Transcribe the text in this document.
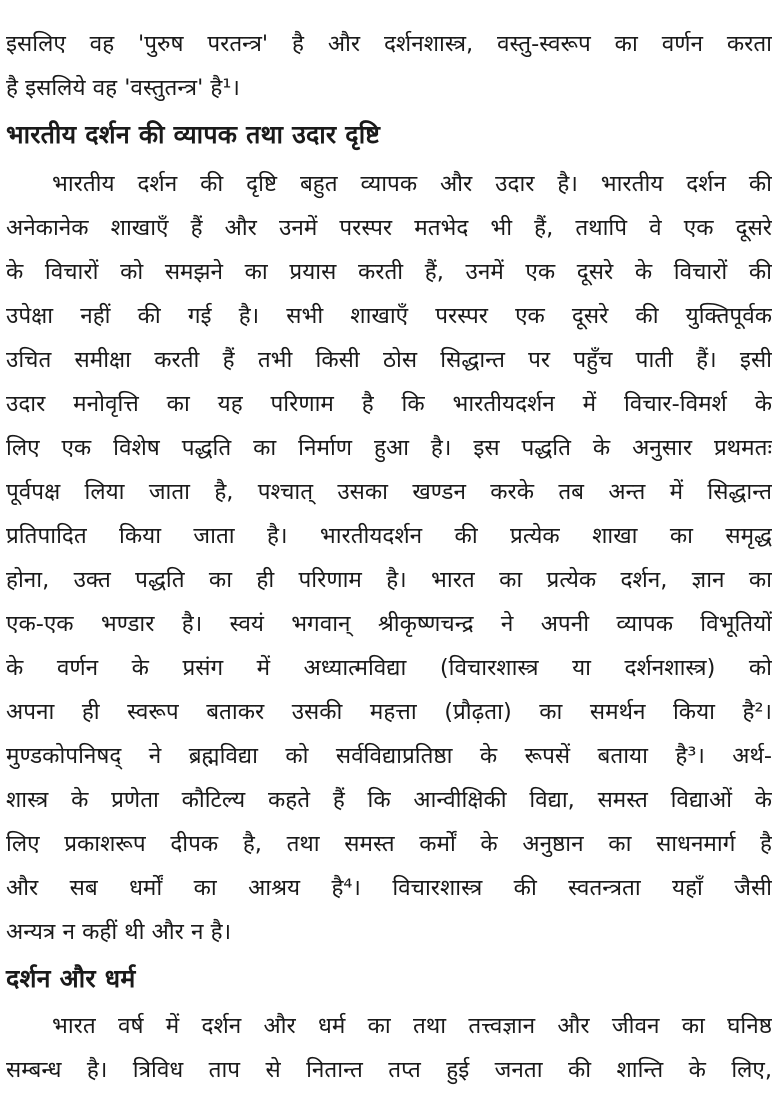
इसलिए वह 'पुरुष परतन्त्र' है और दर्शनशास्त्र, वस्तु-स्वरूप का वर्णन करता
है इसलिये वह 'वस्तुतन्त्र' है¹।
भारतीय दर्शन की व्यापक तथा उदार दृष्टि
भारतीय दर्शन की दृष्टि बहुत व्यापक और उदार है। भारतीय दर्शन की
अनेकानेक शाखाएँ हैं और उनमें परस्पर मतभेद भी हैं, तथापि वे एक दूसरे
के विचारों को समझने का प्रयास करती हैं, उनमें एक दूसरे के विचारों की
उपेक्षा नहीं की गई है। सभी शाखाएँ परस्पर एक दूसरे की युक्तिपूर्वक
उचित समीक्षा करती हैं तभी किसी ठोस सिद्धान्त पर पहुँच पाती हैं। इसी
उदार मनोवृत्ति का यह परिणाम है कि भारतीयदर्शन में विचार-विमर्श के
लिए एक विशेष पद्धति का निर्माण हुआ है। इस पद्धति के अनुसार प्रथमतः
पूर्वपक्ष लिया जाता है, पश्चात् उसका खण्डन करके तब अन्त में सिद्धान्त
प्रतिपादित किया जाता है। भारतीयदर्शन की प्रत्येक शाखा का समृद्ध
होना, उक्त पद्धति का ही परिणाम है। भारत का प्रत्येक दर्शन, ज्ञान का
एक-एक भण्डार है। स्वयं भगवान् श्रीकृष्णचन्द्र ने अपनी व्यापक विभूतियों
के वर्णन के प्रसंग में अध्यात्मविद्या (विचारशास्त्र या दर्शनशास्त्र) को
अपना ही स्वरूप बताकर उसकी महत्ता (प्रौढ़ता) का समर्थन किया है²।
मुण्डकोपनिषद् ने ब्रह्मविद्या को सर्वविद्याप्रतिष्ठा के रूपसें बताया है³। अर्थ-
शास्त्र के प्रणेता कौटिल्य कहते हैं कि आन्वीक्षिकी विद्या, समस्त विद्याओं के
लिए प्रकाशरूप दीपक है, तथा समस्त कर्मों के अनुष्ठान का साधनमार्ग है
और सब धर्मों का आश्रय है⁴। विचारशास्त्र की स्वतन्त्रता यहाँ जैसी
अन्यत्र न कहीं थी और न है।
दर्शन और धर्म
भारत वर्ष में दर्शन और धर्म का तथा तत्त्वज्ञान और जीवन का घनिष्ठ
सम्बन्ध है। त्रिविध ताप से नितान्त तप्त हुई जनता की शान्ति के लिए,
